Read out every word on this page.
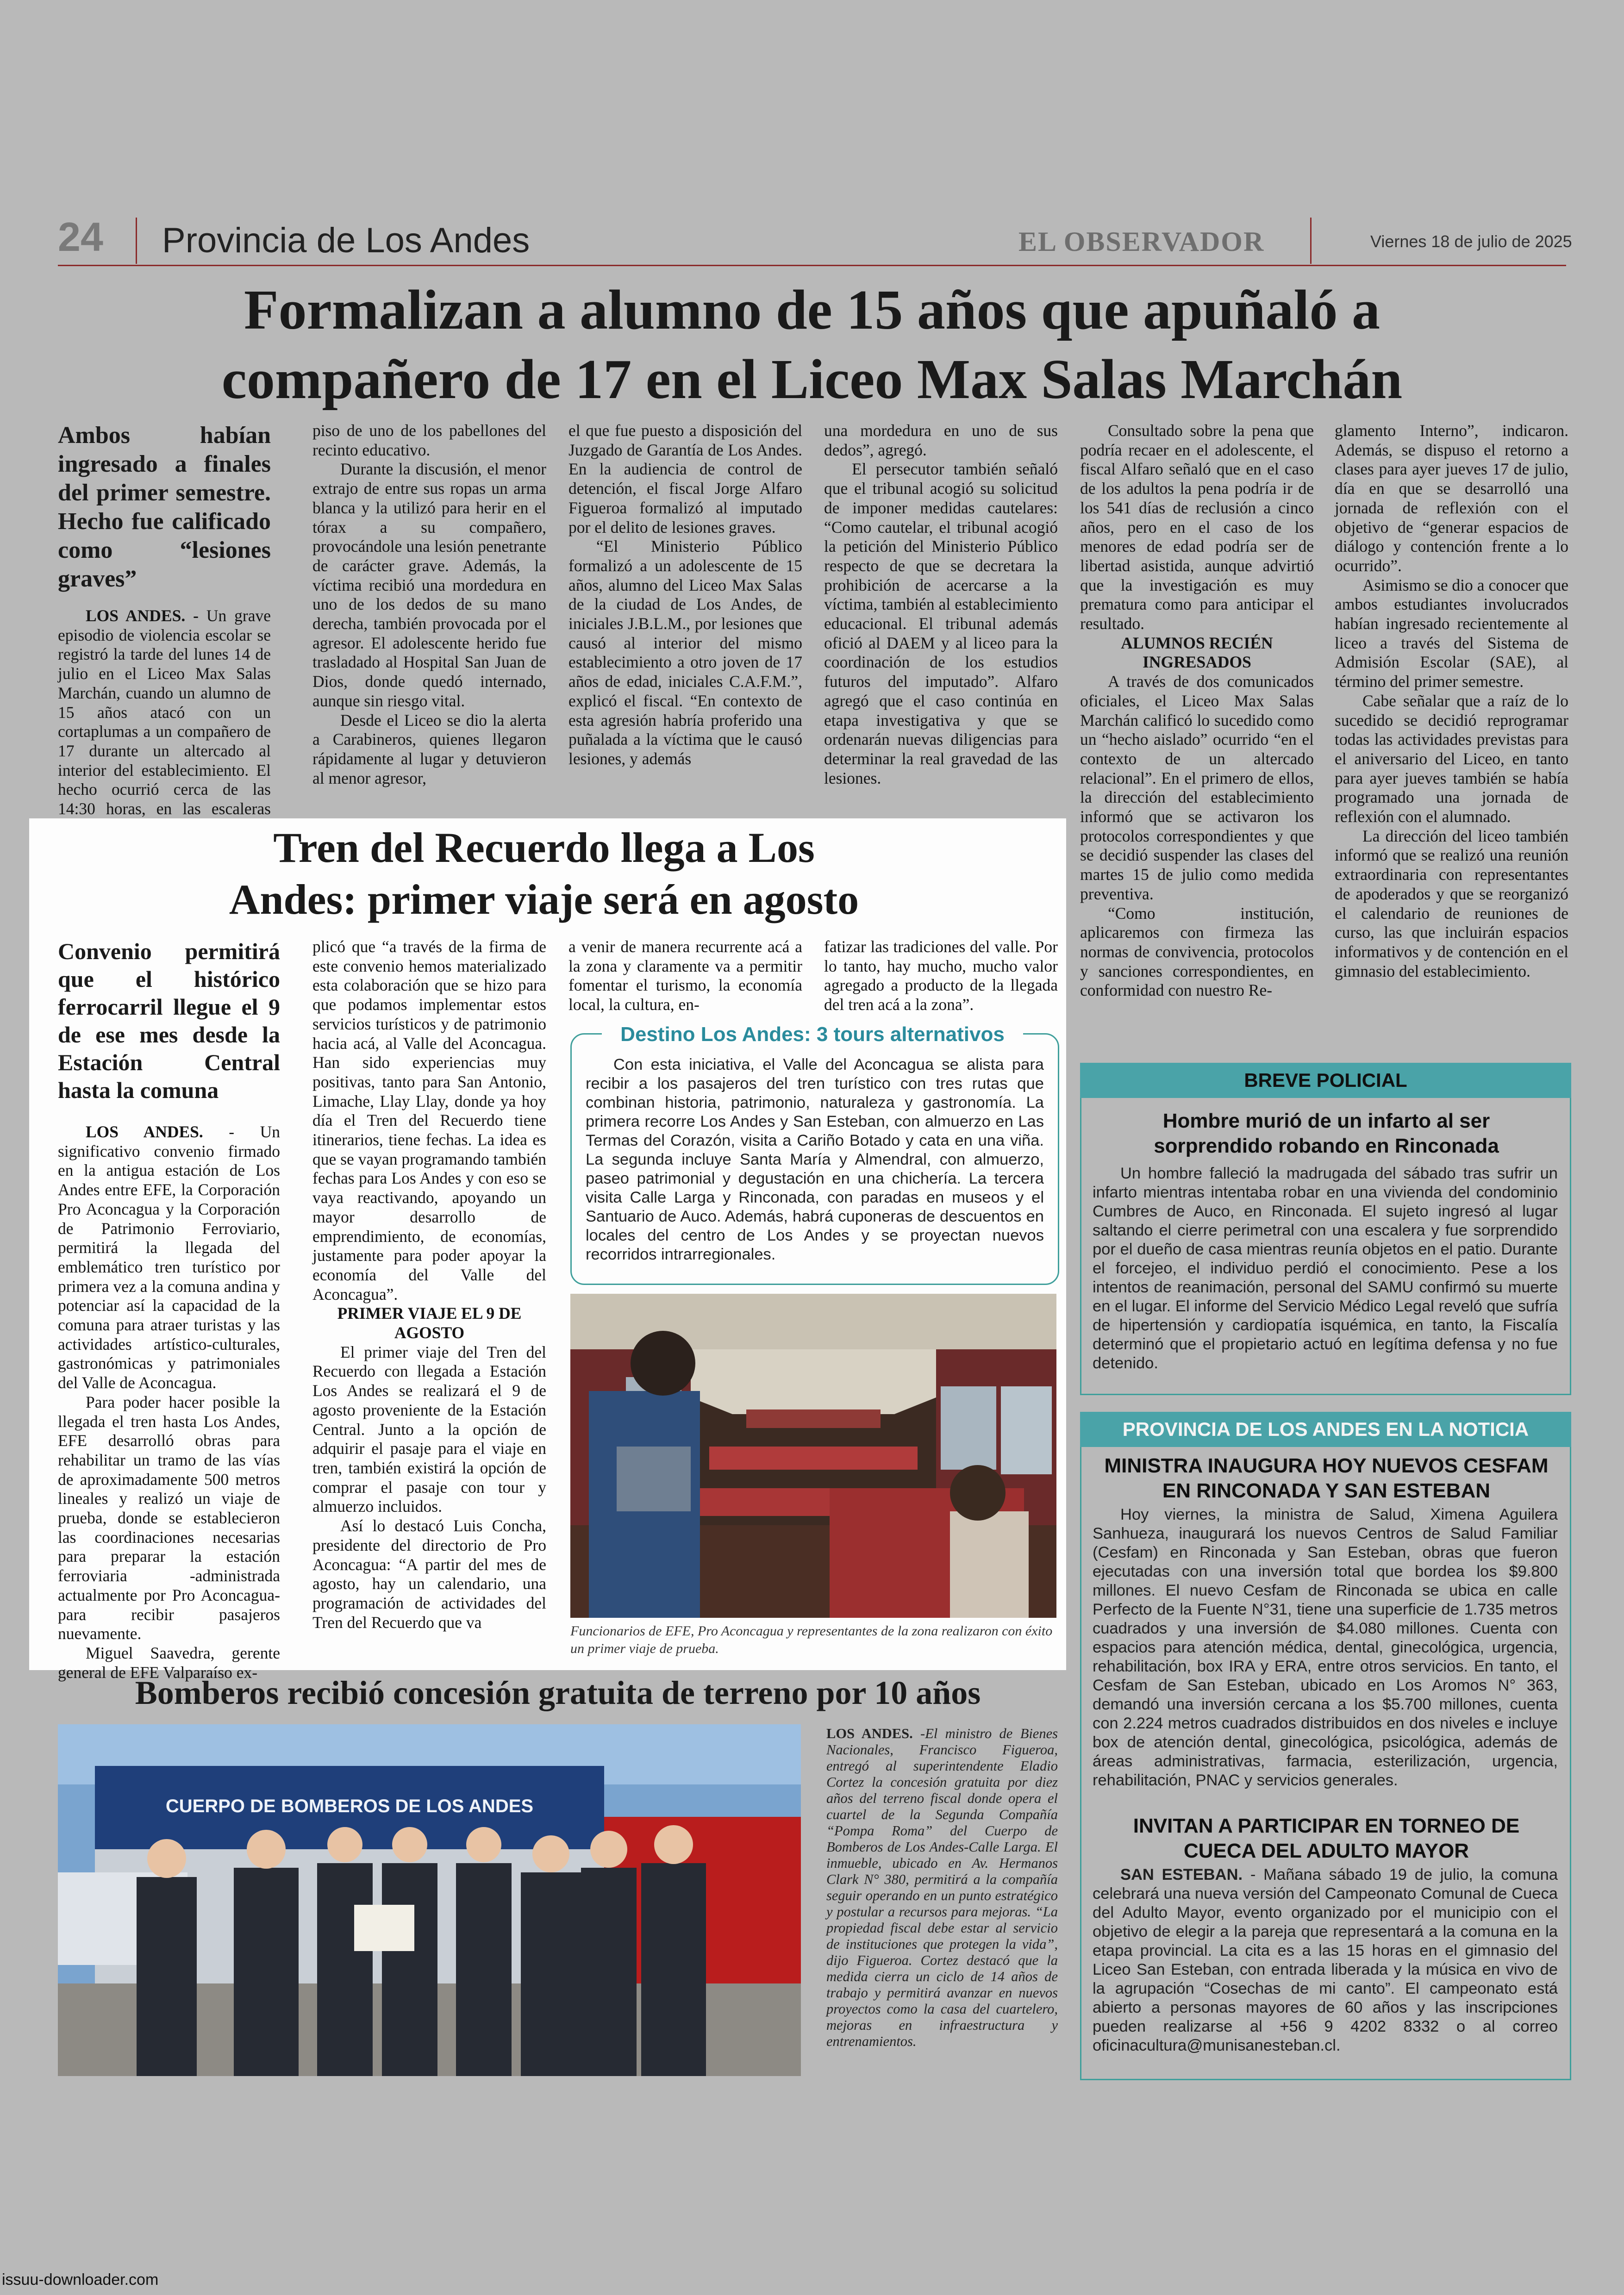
24 Provincia de Los Andes	EL OBSERVADOR	Viernes 18 de julio de 2025
Formalizan a alumno de 15 años que apuñaló a
compañero de 17 en el Liceo Max Salas Marchán

Ambos habían ingresado a finales del primer semestre. Hecho fue calificado como “lesiones graves”

LOS ANDES. - Un grave episodio de violencia escolar se registró la tarde del lunes 14 de julio en el Liceo Max Salas Marchán, cuando un alumno de 15 años atacó con un cortaplumas a un compañero de 17 durante un altercado al interior del establecimiento. El hecho ocurrió cerca de las 14:30 horas, en las escaleras

piso de uno de los pabellones del recinto educativo.

Durante la discusión, el menor extrajo de entre sus ropas un arma blanca y la utilizó para herir en el tórax a su compañero, provocándole una lesión penetrante de carácter grave. Además, la víctima recibió una mordedura en uno de los dedos de su mano derecha, también provocada por el agresor. El adolescente herido fue trasladado al Hospital San Juan de Dios, donde quedó internado, aunque sin riesgo vital.

Desde el Liceo se dio la alerta a Carabineros, quienes llegaron rápidamente al lugar y detuvieron al menor agresor,

el que fue puesto a disposición del Juzgado de Garantía de Los Andes. En la audiencia de control de detención, el fiscal Jorge Alfaro Figueroa formalizó al imputado por el delito de lesiones graves.

“El Ministerio Público formalizó a un adolescente de 15 años, alumno del Liceo Max Salas de la ciudad de Los Andes, de iniciales J.B.L.M., por lesiones que causó al interior del mismo establecimiento a otro joven de 17 años de edad, iniciales C.A.F.M.”, explicó el fiscal. “En contexto de esta agresión habría proferido una puñalada a la víctima que le causó lesiones, y además

una mordedura en uno de sus dedos”, agregó.

El persecutor también señaló que el tribunal acogió su solicitud de imponer medidas cautelares: “Como cautelar, el tribunal acogió la petición del Ministerio Público respecto de que se decretara la prohibición de acercarse a la víctima, también al establecimiento educacional. El tribunal además ofició al DAEM y al liceo para la coordinación de los estudios futuros del imputado”. Alfaro agregó que el caso continúa en etapa investigativa y que se ordenarán nuevas diligencias para determinar la real gravedad de las lesiones.

Consultado sobre la pena que podría recaer en el adolescente, el fiscal Alfaro señaló que en el caso de los adultos la pena podría ir de los 541 días de reclusión a cinco años, pero en el caso de los menores de edad podría ser de libertad asistida, aunque advirtió que la investigación es muy prematura como para anticipar el resultado.

ALUMNOS RECIÉN INGRESADOS

A través de dos comunicados oficiales, el Liceo Max Salas Marchán calificó lo sucedido como un “hecho aislado” ocurrido “en el contexto de un altercado relacional”. En el primero de ellos, la dirección del establecimiento informó que se activaron los protocolos correspondientes y que se decidió suspender las clases del martes 15 de julio como medida preventiva.

“Como institución, aplicaremos con firmeza las normas de convivencia, protocolos y sanciones correspondientes, en conformidad con nuestro Re-

glamento Interno”, indicaron. Además, se dispuso el retorno a clases para ayer jueves 17 de julio, día en que se desarrolló una jornada de reflexión con el objetivo de “generar espacios de diálogo y contención frente a lo ocurrido”.

Asimismo se dio a conocer que ambos estudiantes involucrados habían ingresado recientemente al liceo a través del Sistema de Admisión Escolar (SAE), al término del primer semestre.

Cabe señalar que a raíz de lo sucedido se decidió reprogramar todas las actividades previstas para el aniversario del Liceo, en tanto para ayer jueves también se había programado una jornada de reflexión con el alumnado.

La dirección del liceo también informó que se realizó una reunión extraordinaria con representantes de apoderados y que se reorganizó el calendario de reuniones de curso, las que incluirán espacios informativos y de contención en el gimnasio del establecimiento.

Tren del Recuerdo llega a Los
Andes: primer viaje será en agosto

Convenio permitirá que el histórico ferrocarril llegue el 9 de ese mes desde la Estación Central hasta la comuna

LOS ANDES. - Un significativo convenio firmado en la antigua estación de Los Andes entre EFE, la Corporación Pro Aconcagua y la Corporación de Patrimonio Ferroviario, permitirá la llegada del emblemático tren turístico por primera vez a la comuna andina y potenciar así la capacidad de la comuna para atraer turistas y las actividades artístico-culturales, gastronómicas y patrimoniales del Valle de Aconcagua.

Para poder hacer posible la llegada el tren hasta Los Andes, EFE desarrolló obras para rehabilitar un tramo de las vías de aproximadamente 500 metros lineales y realizó un viaje de prueba, donde se establecieron las coordinaciones necesarias para preparar la estación ferroviaria -administrada actualmente por Pro Aconcagua- para recibir pasajeros nuevamente.

Miguel Saavedra, gerente general de EFE Valparaíso ex-

plicó que “a través de la firma de este convenio hemos materializado esta colaboración que se hizo para que podamos implementar estos servicios turísticos y de patrimonio hacia acá, al Valle del Aconcagua. Han sido experiencias muy positivas, tanto para San Antonio, Limache, Llay Llay, donde ya hoy día el Tren del Recuerdo tiene itinerarios, tiene fechas. La idea es que se vayan programando también fechas para Los Andes y con eso se vaya reactivando, apoyando un mayor desarrollo de emprendimiento, de economías, justamente para poder apoyar la economía del Valle del Aconcagua”.

PRIMER VIAJE EL 9 DE AGOSTO

El primer viaje del Tren del Recuerdo con llegada a Estación Los Andes se realizará el 9 de agosto proveniente de la Estación Central. Junto a la opción de adquirir el pasaje para el viaje en tren, también existirá la opción de comprar el pasaje con tour y almuerzo incluidos.

Así lo destacó Luis Concha, presidente del directorio de Pro Aconcagua: “A partir del mes de agosto, hay un calendario, una programación de actividades del Tren del Recuerdo que va

a venir de manera recurrente acá a la zona y claramente va a permitir fomentar el turismo, la economía local, la cultura, en-

fatizar las tradiciones del valle. Por lo tanto, hay mucho, mucho valor agregado a producto de la llegada del tren acá a la zona”.

Destino Los Andes: 3 tours alternativos

Con esta iniciativa, el Valle del Aconcagua se alista para recibir a los pasajeros del tren turístico con tres rutas que combinan historia, patrimonio, naturaleza y gastronomía. La primera recorre Los Andes y San Esteban, con almuerzo en Las Termas del Corazón, visita a Cariño Botado y cata en una viña. La segunda incluye Santa María y Almendral, con almuerzo, paseo patrimonial y degustación en una chichería. La tercera visita Calle Larga y Rinconada, con paradas en museos y el Santuario de Auco. Además, habrá cuponeras de descuentos en locales del centro de Los Andes y se proyectan nuevos recorridos intrarregionales.

Funcionarios de EFE, Pro Aconcagua y representantes de la zona realizaron con éxito un primer viaje de prueba.
Bomberos recibió concesión gratuita de terreno por 10 años
CUERPO DE BOMBEROS DE LOS ANDES

LOS ANDES. -El ministro de Bienes Nacionales, Francisco Figueroa, entregó al superintendente Eladio Cortez la concesión gratuita por diez años del terreno fiscal donde opera el cuartel de la Segunda Compañía “Pompa Roma” del Cuerpo de Bomberos de Los Andes-Calle Larga. El inmueble, ubicado en Av. Hermanos Clark N° 380, permitirá a la compañía seguir operando en un punto estratégico y postular a recursos para mejoras. “La propiedad fiscal debe estar al servicio de instituciones que protegen la vida”, dijo Figueroa. Cortez destacó que la medida cierra un ciclo de 14 años de trabajo y permitirá avanzar en nuevos proyectos como la casa del cuartelero, mejoras en infraestructura y entrenamientos.

BREVE POLICIAL
Hombre murió de un infarto al ser sorprendido robando en Rinconada

Un hombre falleció la madrugada del sábado tras sufrir un infarto mientras intentaba robar en una vivienda del condominio Cumbres de Auco, en Rinconada. El sujeto ingresó al lugar saltando el cierre perimetral con una escalera y fue sorprendido por el dueño de casa mientras reunía objetos en el patio. Durante el forcejeo, el individuo perdió el conocimiento. Pese a los intentos de reanimación, personal del SAMU confirmó su muerte en el lugar. El informe del Servicio Médico Legal reveló que sufría de hipertensión y cardiopatía isquémica, en tanto, la Fiscalía determinó que el propietario actuó en legítima defensa y no fue detenido.

PROVINCIA DE LOS ANDES EN LA NOTICIA
MINISTRA INAUGURA HOY NUEVOS CESFAM EN RINCONADA Y SAN ESTEBAN

Hoy viernes, la ministra de Salud, Ximena Aguilera Sanhueza, inaugurará los nuevos Centros de Salud Familiar (Cesfam) en Rinconada y San Esteban, obras que fueron ejecutadas con una inversión total que bordea los $9.800 millones. El nuevo Cesfam de Rinconada se ubica en calle Perfecto de la Fuente N°31, tiene una superficie de 1.735 metros cuadrados y una inversión de $4.080 millones. Cuenta con espacios para atención médica, dental, ginecológica, urgencia, rehabilitación, box IRA y ERA, entre otros servicios. En tanto, el Cesfam de San Esteban, ubicado en Los Aromos N° 363, demandó una inversión cercana a los $5.700 millones, cuenta con 2.224 metros cuadrados distribuidos en dos niveles e incluye box de atención dental, ginecológica, psicológica, además de áreas administrativas, farmacia, esterilización, urgencia, rehabilitación, PNAC y servicios generales.

INVITAN A PARTICIPAR EN TORNEO DE CUECA DEL ADULTO MAYOR

SAN ESTEBAN. - Mañana sábado 19 de julio, la comuna celebrará una nueva versión del Campeonato Comunal de Cueca del Adulto Mayor, evento organizado por el municipio con el objetivo de elegir a la pareja que representará a la comuna en la etapa provincial. La cita es a las 15 horas en el gimnasio del Liceo San Esteban, con entrada liberada y la música en vivo de la agrupación “Cosechas de mi canto”. El campeonato está abierto a personas mayores de 60 años y las inscripciones pueden realizarse al +56 9 4202 8332 o al correo oficinacultura@munisanesteban.cl.

issuu-downloader.com
